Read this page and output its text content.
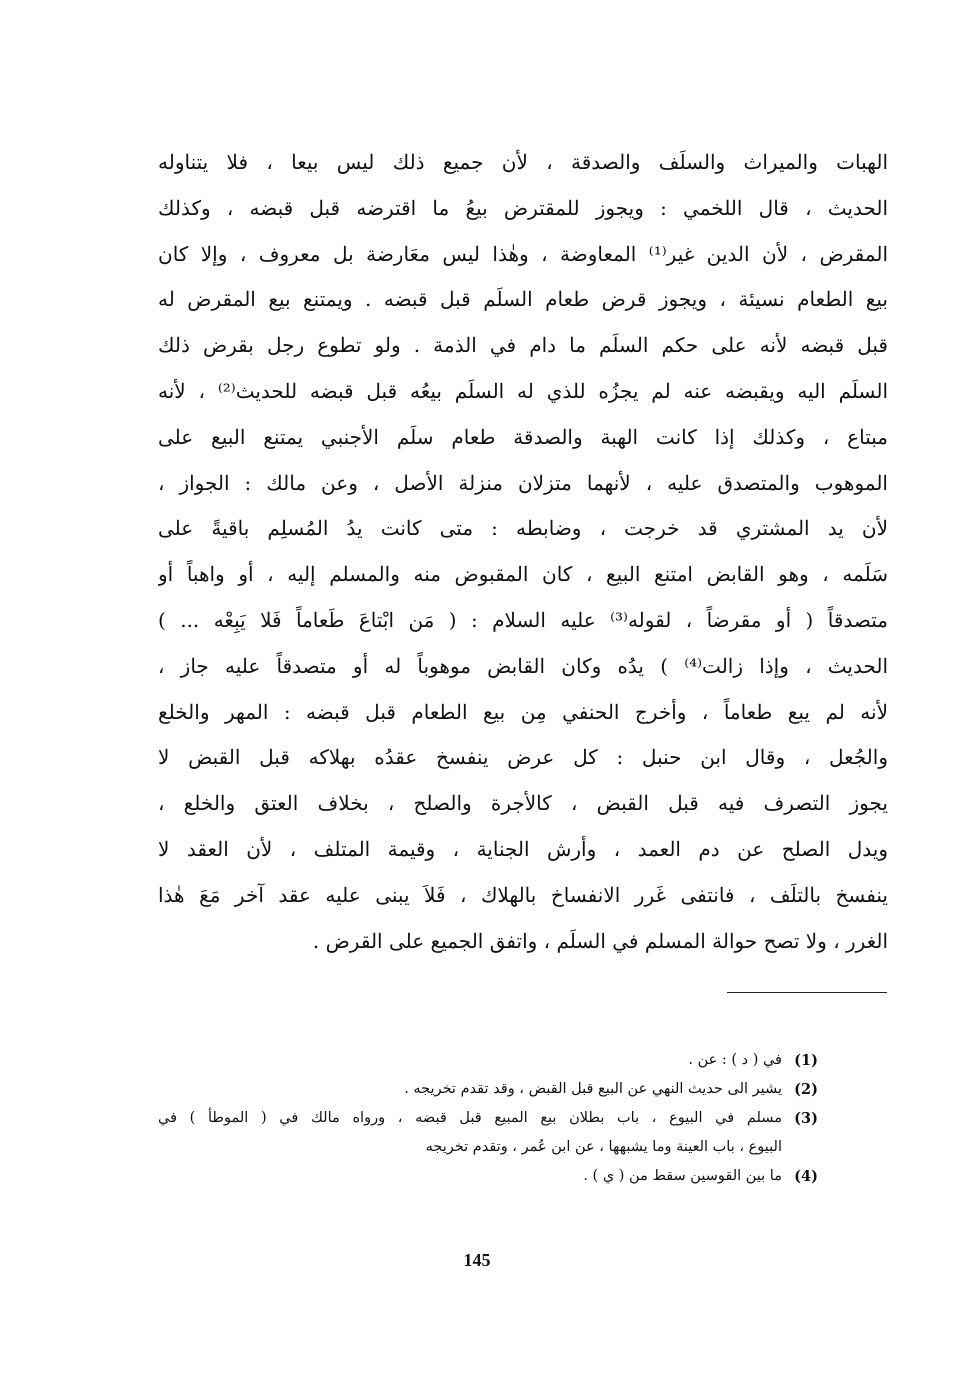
الهبات والميراث والسلَف والصدقة ، لأن جميع ذلك ليس بيعا ، فلا يتناوله
الحديث ، قال اللخمي : ويجوز للمقترض بيعُ ما اقترضه قبل قبضه ، وكذلك
المقرض ، لأن الدين غير⁽¹⁾ المعاوضة ، وهٰذا ليس معَارضة بل معروف ، وإلا كان
بيع الطعام نسيئة ، ويجوز قرض طعام السلَم قبل قبضه . ويمتنع بيع المقرض له
قبل قبضه لأنه على حكم السلَم ما دام في الذمة . ولو تطوع رجل بقرض ذلك
السلَم اليه ويقبضه عنه لم يجزُه للذي له السلَم بيعُه قبل قبضه للحديث⁽²⁾ ، لأنه
مبتاع ، وكذلك إذا كانت الهبة والصدقة طعام سلَم الأجنبي يمتنع البيع على
الموهوب والمتصدق عليه ، لأنهما متزلان منزلة الأصل ، وعن مالك : الجواز ،
لأن يد المشتري قد خرجت ، وضابطه : متى كانت يدُ المُسلِم باقيةً على
سَلَمه ، وهو القابض امتنع البيع ، كان المقبوض منه والمسلم إليه ، أو واهباً أو
متصدقاً ( أو مقرضاً ، لقوله⁽³⁾ عليه السلام : ( مَن ابْتاعَ طَعاماً فَلا يَبِعْه ... )
الحديث ، وإذا زالت⁽⁴⁾ ) يدُه وكان القابض موهوباً له أو متصدقاً عليه جاز ،
لأنه لم يبع طعاماً ، وأخرج الحنفي مِن بيع الطعام قبل قبضه : المهر والخلع
والجُعل ، وقال ابن حنبل : كل عرض ينفسخ عقدُه بهلاكه قبل القبض لا
يجوز التصرف فيه قبل القبض ، كالأجرة والصلح ، بخلاف العتق والخلع ،
ويدل الصلح عن دم العمد ، وأرش الجناية ، وقيمة المتلف ، لأن العقد لا
ينفسخ بالتلَف ، فانتفى غَرر الانفساخ بالهلاك ، فَلاَ يبنى عليه عقد آخر مَعَ هٰذا
الغرر ، ولا تصح حوالة المسلم في السلَم ، واتفق الجميع على القرض .
(1)
في ( د ) : عن .
(2)
يشير الى حديث النهي عن البيع قبل القبض ، وقد تقدم تخريجه .
(3)
مسلم في البيوع ، باب بطلان بيع المبيع قبل قبضه ، ورواه مالك في ( الموطأ ) في
البيوع ، باب العينة وما يشبهها ، عن ابن عُمر ، وتقدم تخريجه
(4)
ما بين القوسين سقط من ( ي ) .
145
